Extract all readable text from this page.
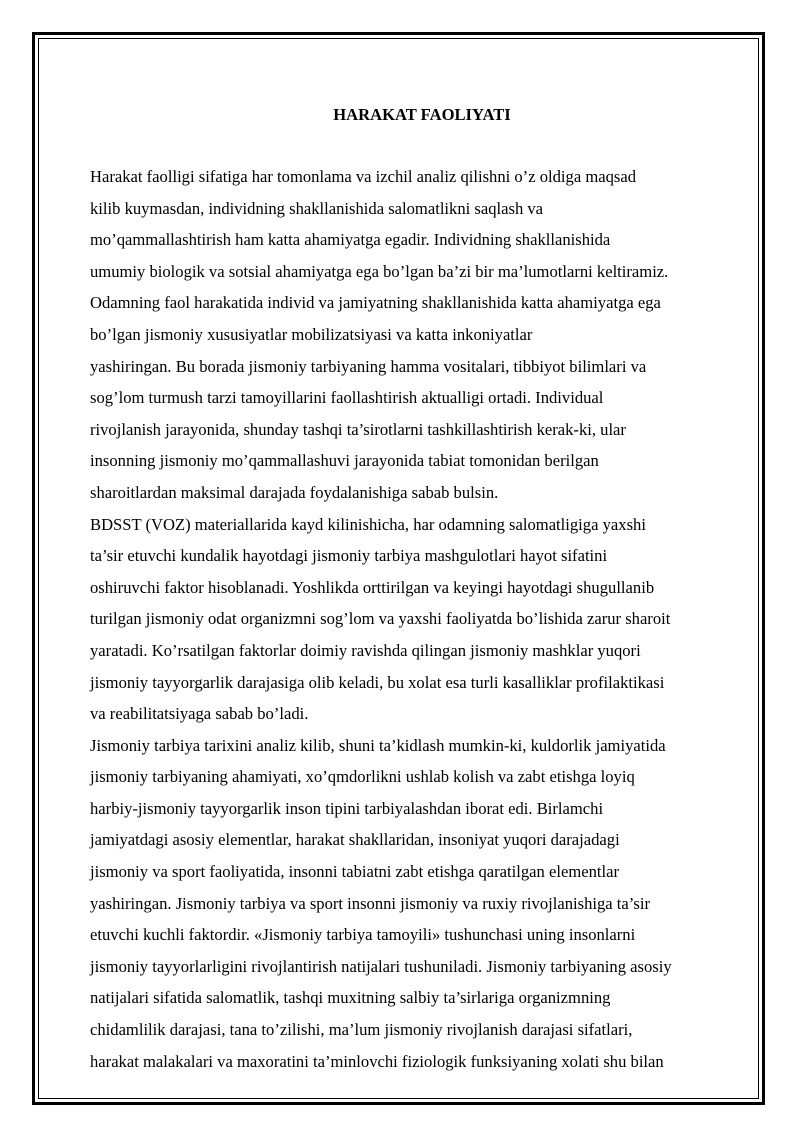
HARAKAT FAOLIYATI
Harakat faolligi sifatiga har tomonlama va izchil analiz qilishni o’z oldiga maqsad
kilib kuymasdan, individning shakllanishida salomatlikni saqlash va
mo’qammallashtirish ham katta ahamiyatga egadir. Individning shakllanishida
umumiy biologik va sotsial ahamiyatga ega bo’lgan ba’zi bir ma’lumotlarni keltiramiz.
Odamning faol harakatida individ va jamiyatning shakllanishida katta ahamiyatga ega
bo’lgan jismoniy xususiyatlar mobilizatsiyasi va katta inkoniyatlar
yashiringan. Bu borada jismoniy tarbiyaning hamma vositalari, tibbiyot bilimlari va
sog’lom turmush tarzi tamoyillarini faollashtirish aktualligi ortadi. Individual
rivojlanish jarayonida, shunday tashqi ta’sirotlarni tashkillashtirish kerak-ki, ular
insonning jismoniy mo’qammallashuvi jarayonida tabiat tomonidan berilgan
sharoitlardan maksimal darajada foydalanishiga sabab bulsin.
BDSST (VOZ) materiallarida kayd kilinishicha, har odamning salomatligiga yaxshi
ta’sir etuvchi kundalik hayotdagi jismoniy tarbiya mashgulotlari hayot sifatini
oshiruvchi faktor hisoblanadi. Yoshlikda orttirilgan va keyingi hayotdagi shugullanib
turilgan jismoniy odat organizmni sog’lom va yaxshi faoliyatda bo’lishida zarur sharoit
yaratadi. Ko’rsatilgan faktorlar doimiy ravishda qilingan jismoniy mashklar yuqori
jismoniy tayyorgarlik darajasiga olib keladi, bu xolat esa turli kasalliklar profilaktikasi
va reabilitatsiyaga sabab bo’ladi.
Jismoniy tarbiya tarixini analiz kilib, shuni ta’kidlash mumkin-ki, kuldorlik jamiyatida
jismoniy tarbiyaning ahamiyati, xo’qmdorlikni ushlab kolish va zabt etishga loyiq
harbiy-jismoniy tayyorgarlik inson tipini tarbiyalashdan iborat edi. Birlamchi
jamiyatdagi asosiy elementlar, harakat shakllaridan, insoniyat yuqori darajadagi
jismoniy va sport faoliyatida, insonni tabiatni zabt etishga qaratilgan elementlar
yashiringan. Jismoniy tarbiya va sport insonni jismoniy va ruxiy rivojlanishiga ta’sir
etuvchi kuchli faktordir. «Jismoniy tarbiya tamoyili» tushunchasi uning insonlarni
jismoniy tayyorlarligini rivojlantirish natijalari tushuniladi. Jismoniy tarbiyaning asosiy
natijalari sifatida salomatlik, tashqi muxitning salbiy ta’sirlariga organizmning
chidamlilik darajasi, tana to’zilishi, ma’lum jismoniy rivojlanish darajasi sifatlari,
harakat malakalari va maxoratini ta’minlovchi fiziologik funksiyaning xolati shu bilan
